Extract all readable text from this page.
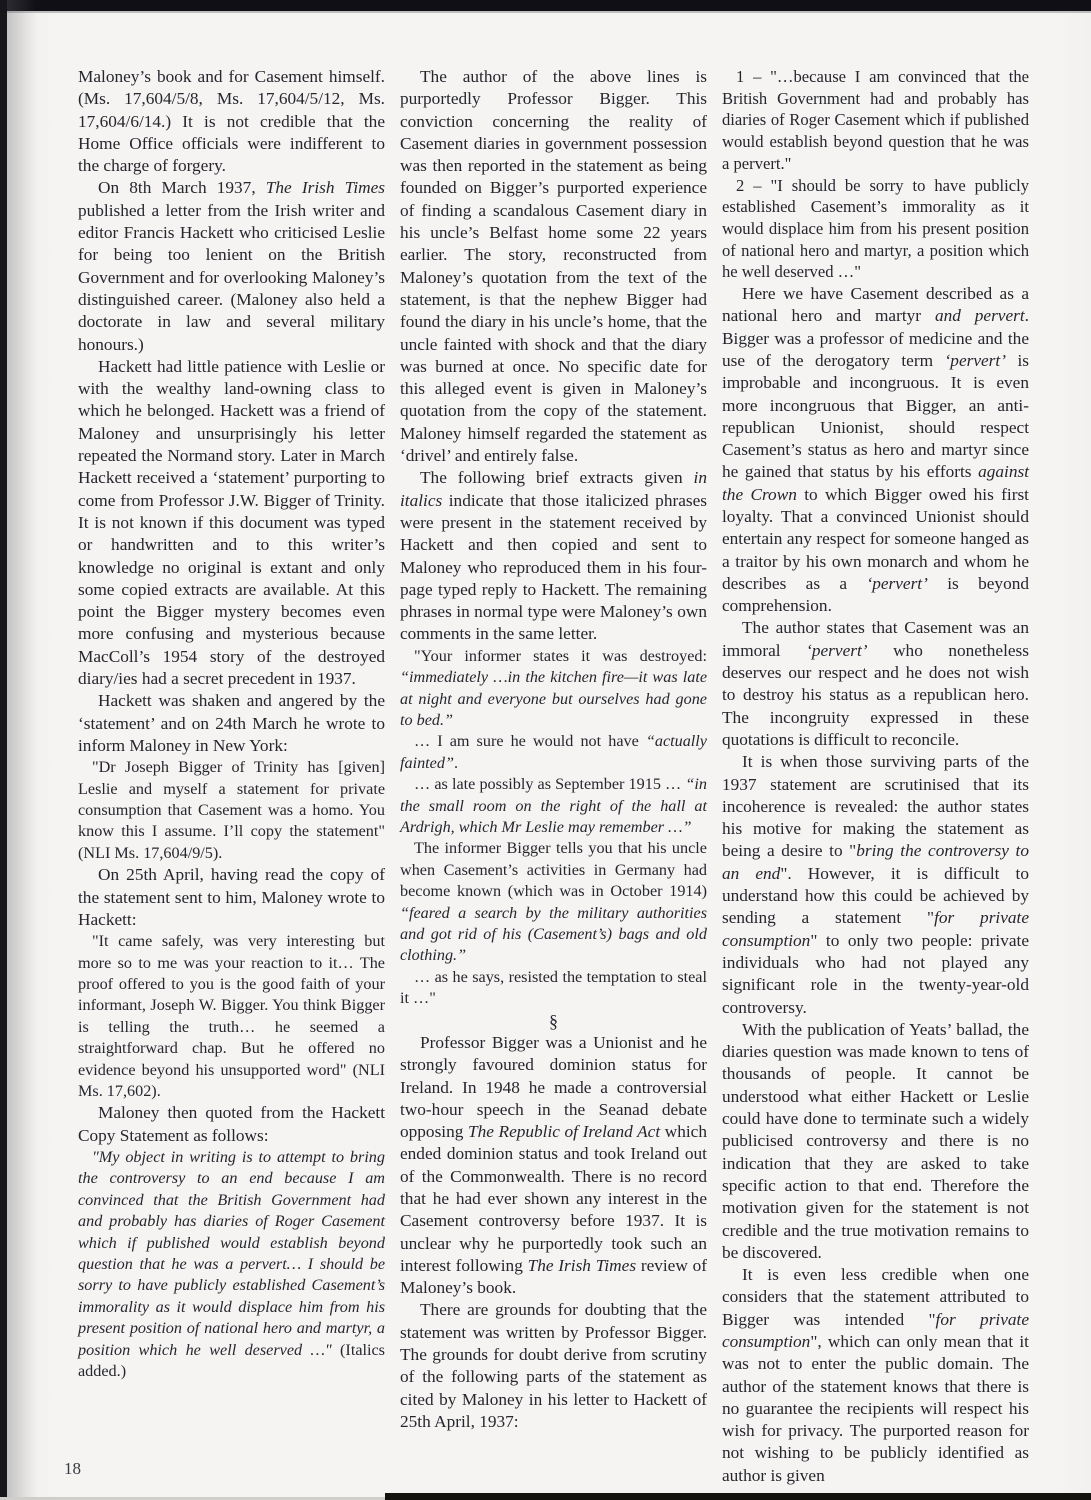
Maloney’s book and for Casement himself. (Ms. 17,604/5/8, Ms. 17,604/5/12, Ms. 17,604/6/14.) It is not credible that the Home Office officials were indifferent to the charge of forgery.

On 8th March 1937, The Irish Times published a letter from the Irish writer and editor Francis Hackett who criticised Leslie for being too lenient on the British Government and for overlooking Maloney’s distinguished career. (Maloney also held a doctorate in law and several military honours.)

Hackett had little patience with Leslie or with the wealthy land-owning class to which he belonged. Hackett was a friend of Maloney and unsurprisingly his letter repeated the Normand story. Later in March Hackett received a ‘statement’ purporting to come from Professor J.W. Bigger of Trinity. It is not known if this document was typed or handwritten and to this writer’s knowledge no original is extant and only some copied extracts are available. At this point the Bigger mystery becomes even more confusing and mysterious because MacColl’s 1954 story of the destroyed diary/ies had a secret precedent in 1937.

Hackett was shaken and angered by the ‘statement’ and on 24th March he wrote to inform Maloney in New York:

"Dr Joseph Bigger of Trinity has [given] Leslie and myself a statement for private consumption that Casement was a homo. You know this I assume. I’ll copy the statement" (NLI Ms. 17,604/9/5).

On 25th April, having read the copy of the statement sent to him, Maloney wrote to Hackett:

"It came safely, was very interesting but more so to me was your reaction to it… The proof offered to you is the good faith of your informant, Joseph W. Bigger. You think Bigger is telling the truth… he seemed a straightforward chap. But he offered no evidence beyond his unsupported word" (NLI Ms. 17,602).

Maloney then quoted from the Hackett Copy Statement as follows:

"My object in writing is to attempt to bring the controversy to an end because I am convinced that the British Government had and probably has diaries of Roger Casement which if published would establish beyond question that he was a pervert… I should be sorry to have publicly established Casement’s immorality as it would displace him from his present position of national hero and martyr, a position which he well deserved …" (Italics added.)

The author of the above lines is purportedly Professor Bigger. This conviction concerning the reality of Casement diaries in government possession was then reported in the statement as being founded on Bigger’s purported experience of finding a scandalous Casement diary in his uncle’s Belfast home some 22 years earlier. The story, reconstructed from Maloney’s quotation from the text of the statement, is that the nephew Bigger had found the diary in his uncle’s home, that the uncle fainted with shock and that the diary was burned at once. No specific date for this alleged event is given in Maloney’s quotation from the copy of the statement. Maloney himself regarded the statement as ‘drivel’ and entirely false.

The following brief extracts given in italics indicate that those italicized phrases were present in the statement received by Hackett and then copied and sent to Maloney who reproduced them in his four-page typed reply to Hackett. The remaining phrases in normal type were Maloney’s own comments in the same letter.

"Your informer states it was destroyed: “immediately …in the kitchen fire—it was late at night and everyone but ourselves had gone to bed.”

… I am sure he would not have “actually fainted”.

… as late possibly as September 1915 … “in the small room on the right of the hall at Ardrigh, which Mr Leslie may remember …”

The informer Bigger tells you that his uncle when Casement’s activities in Germany had become known (which was in October 1914) “feared a search by the military authorities and got rid of his (Casement’s) bags and old clothing.”

… as he says, resisted the temptation to steal it …"

§

Professor Bigger was a Unionist and he strongly favoured dominion status for Ireland. In 1948 he made a controversial two-hour speech in the Seanad debate opposing The Republic of Ireland Act which ended dominion status and took Ireland out of the Commonwealth. There is no record that he had ever shown any interest in the Casement controversy before 1937. It is unclear why he purportedly took such an interest following The Irish Times review of Maloney’s book.

There are grounds for doubting that the statement was written by Professor Bigger. The grounds for doubt derive from scrutiny of the following parts of the statement as cited by Maloney in his letter to Hackett of 25th April, 1937:

1 – "…because I am convinced that the British Government had and probably has diaries of Roger Casement which if published would establish beyond question that he was a pervert."

2 – "I should be sorry to have publicly established Casement’s immorality as it would displace him from his present position of national hero and martyr, a position which he well deserved …"

Here we have Casement described as a national hero and martyr and pervert. Bigger was a professor of medicine and the use of the derogatory term ‘pervert’ is improbable and incongruous. It is even more incongruous that Bigger, an anti-republican Unionist, should respect Casement’s status as hero and martyr since he gained that status by his efforts against the Crown to which Bigger owed his first loyalty. That a convinced Unionist should entertain any respect for someone hanged as a traitor by his own monarch and whom he describes as a ‘pervert’ is beyond comprehension.

The author states that Casement was an immoral ‘pervert’ who nonetheless deserves our respect and he does not wish to destroy his status as a republican hero. The incongruity expressed in these quotations is difficult to reconcile.

It is when those surviving parts of the 1937 statement are scrutinised that its incoherence is revealed: the author states his motive for making the statement as being a desire to "bring the controversy to an end". However, it is difficult to understand how this could be achieved by sending a statement "for private consumption" to only two people: private individuals who had not played any significant role in the twenty-year-old controversy.

With the publication of Yeats’ ballad, the diaries question was made known to tens of thousands of people. It cannot be understood what either Hackett or Leslie could have done to terminate such a widely publicised controversy and there is no indication that they are asked to take specific action to that end. Therefore the motivation given for the statement is not credible and the true motivation remains to be discovered.

It is even less credible when one considers that the statement attributed to Bigger was intended "for private consumption", which can only mean that it was not to enter the public domain. The author of the statement knows that there is no guarantee the recipients will respect his wish for privacy. The purported reason for not wishing to be publicly identified as author is given

18
